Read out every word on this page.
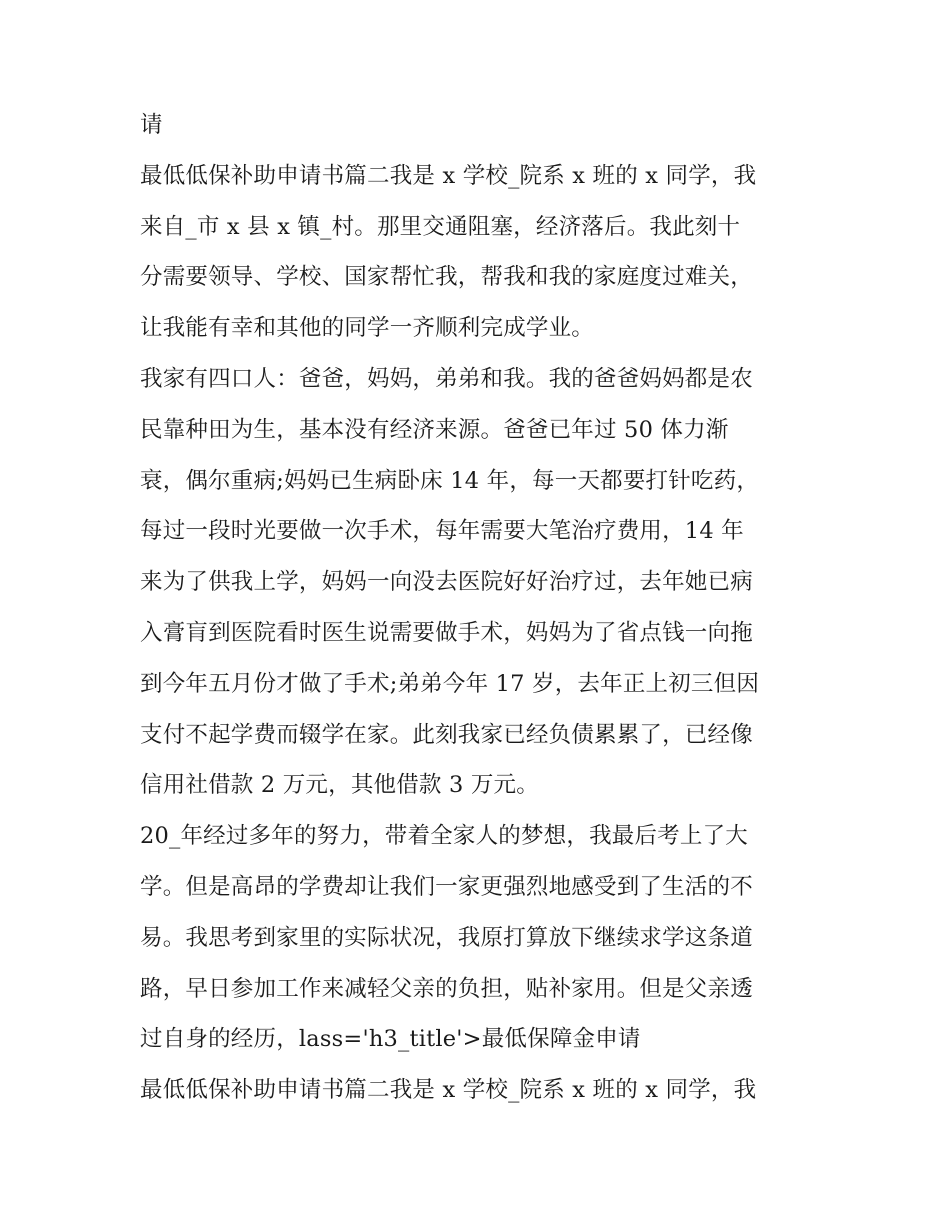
请
最低低保补助申请书篇二我是 x 学校_院系 x 班的 x 同学，我
来自_市 x 县 x 镇_村。那里交通阻塞，经济落后。我此刻十
分需要领导、学校、国家帮忙我，帮我和我的家庭度过难关，
让我能有幸和其他的同学一齐顺利完成学业。
我家有四口人：爸爸，妈妈，弟弟和我。我的爸爸妈妈都是农
民靠种田为生，基本没有经济来源。爸爸已年过 50 体力渐
衰，偶尔重病;妈妈已生病卧床 14 年，每一天都要打针吃药，
每过一段时光要做一次手术，每年需要大笔治疗费用，14 年
来为了供我上学，妈妈一向没去医院好好治疗过，去年她已病
入膏肓到医院看时医生说需要做手术，妈妈为了省点钱一向拖
到今年五月份才做了手术;弟弟今年 17 岁，去年正上初三但因
支付不起学费而辍学在家。此刻我家已经负债累累了，已经像
信用社借款 2 万元，其他借款 3 万元。
20_年经过多年的努力，带着全家人的梦想，我最后考上了大
学。但是高昂的学费却让我们一家更强烈地感受到了生活的不
易。我思考到家里的实际状况，我原打算放下继续求学这条道
路，早日参加工作来减轻父亲的负担，贴补家用。但是父亲透
过自身的经历，lass='h3_title'>最低保障金申请
最低低保补助申请书篇二我是 x 学校_院系 x 班的 x 同学，我
